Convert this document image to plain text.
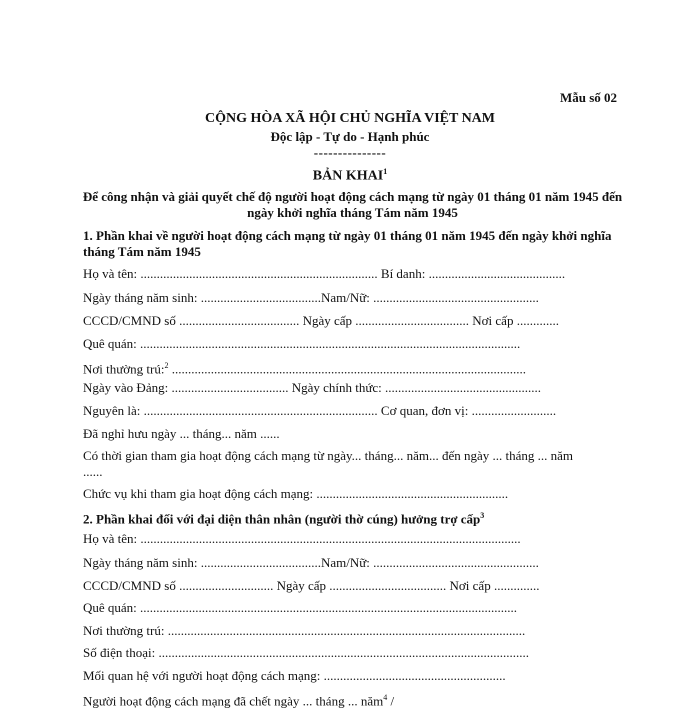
Mẫu số 02
CỘNG HÒA XÃ HỘI CHỦ NGHĨA VIỆT NAM
Độc lập - Tự do - Hạnh phúc
---------------
BẢN KHAI$^1$
Để công nhận và giải quyết chế độ người hoạt động cách mạng từ ngày 01 tháng 01 năm 1945 đến ngày khởi nghĩa tháng Tám năm 1945
1. Phần khai về người hoạt động cách mạng từ ngày 01 tháng 01 năm 1945 đến ngày khởi nghĩa tháng Tám năm 1945
Họ và tên: ......................................................................... Bí danh: ..........................................
Ngày tháng năm sinh: .....................................Nam/Nữ: ...................................................
CCCD/CMND số ..................................... Ngày cấp ................................... Nơi cấp .............
Quê quán: .....................................................................................................................
Nơi thường trú:$^2$ .............................................................................................................
Ngày vào Đảng: .................................... Ngày chính thức: ................................................
Nguyên là: ........................................................................ Cơ quan, đơn vị: ..........................
Đã nghỉ hưu ngày ... tháng... năm ......
Có thời gian tham gia hoạt động cách mạng từ ngày... tháng... năm... đến ngày ... tháng ... năm ......
Chức vụ khi tham gia hoạt động cách mạng: ...........................................................
2. Phần khai đối với đại diện thân nhân (người thờ cúng) hưởng trợ cấp$^3$
Họ và tên: .....................................................................................................................
Ngày tháng năm sinh: .....................................Nam/Nữ: ...................................................
CCCD/CMND số ............................. Ngày cấp .................................... Nơi cấp ..............
Quê quán: ....................................................................................................................
Nơi thường trú: ..............................................................................................................
Số điện thoại: ..................................................................................................................
Mối quan hệ với người hoạt động cách mạng: ........................................................
Người hoạt động cách mạng đã chết ngày ... tháng ... năm$^4$ /
